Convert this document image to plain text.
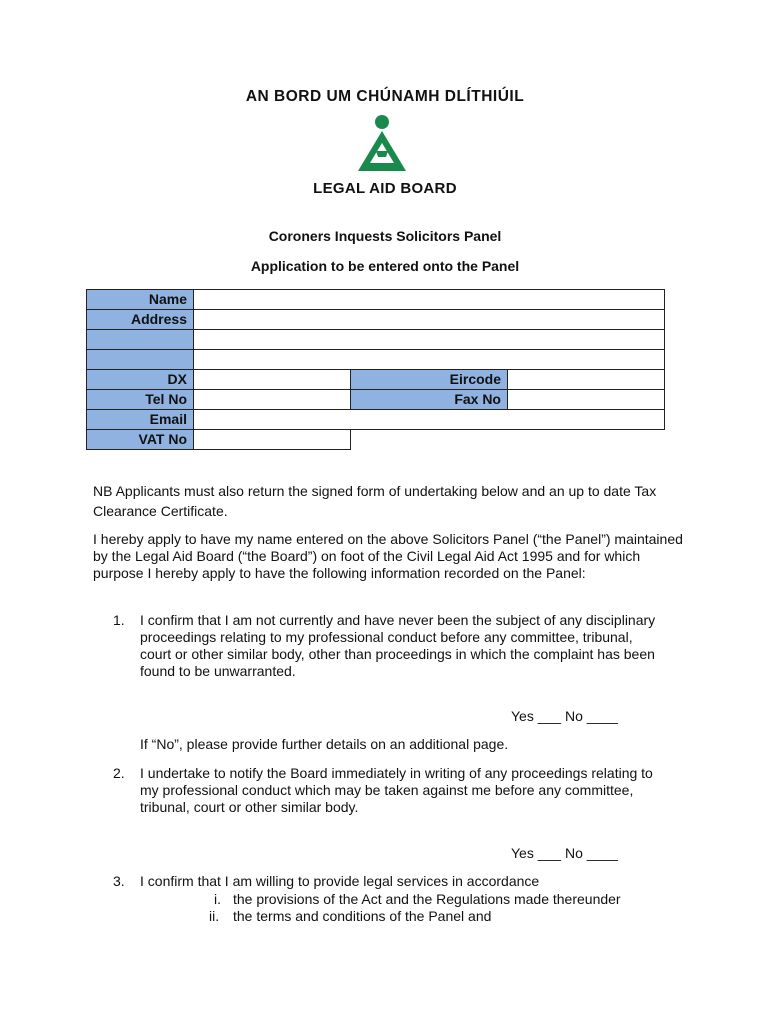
AN BORD UM CHÚNAMH DLÍTHIÚIL
LEGAL AID BOARD
Coroners Inquests Solicitors Panel
Application to be entered onto the Panel
Name
Address
DX	Eircode
Tel No	Fax No
Email
VAT No
NB Applicants must also return the signed form of undertaking below and an up to date Tax Clearance Certificate.
I hereby apply to have my name entered on the above Solicitors Panel (“the Panel”) maintained by the Legal Aid Board (“the Board”) on foot of the Civil Legal Aid Act 1995 and for which purpose I hereby apply to have the following information recorded on the Panel:
1. I confirm that I am not currently and have never been the subject of any disciplinary proceedings relating to my professional conduct before any committee, tribunal, court or other similar body, other than proceedings in which the complaint has been found to be unwarranted.
Yes ___ No ____
If “No”, please provide further details on an additional page.
2. I undertake to notify the Board immediately in writing of any proceedings relating to my professional conduct which may be taken against me before any committee, tribunal, court or other similar body.
Yes ___ No ____
3. I confirm that I am willing to provide legal services in accordance
i. the provisions of the Act and the Regulations made thereunder
ii. the terms and conditions of the Panel and
